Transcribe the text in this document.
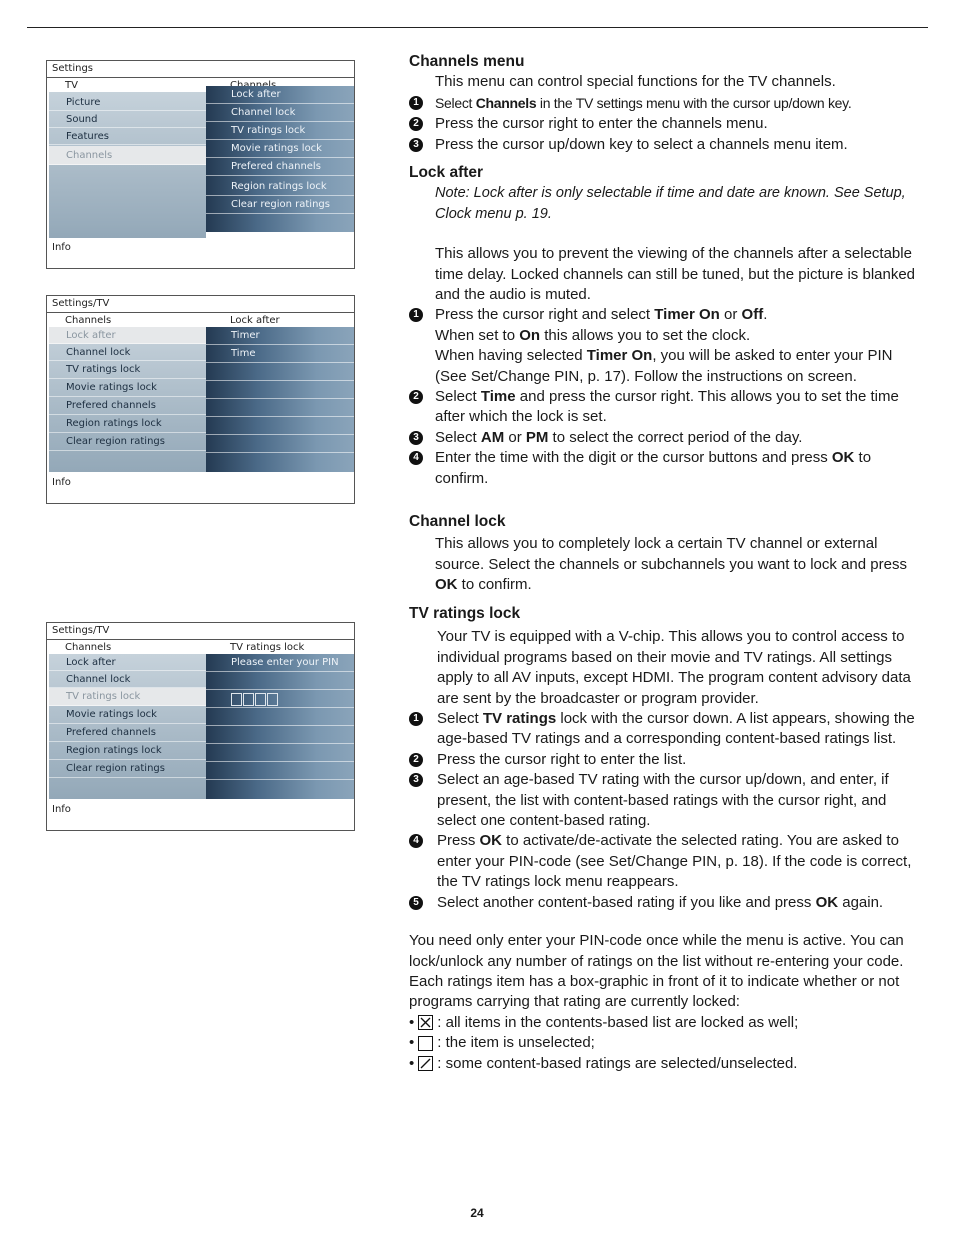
Settings
TV
Picture
Sound
Features
Channels
Lock after
Channel lock
TV ratings lock
Movie ratings lock
Prefered channels
Region ratings lock
Clear region ratings
Info
Settings/TV
Channels	Lock after
Lock after
Channel lock
TV ratings lock
Movie ratings lock
Prefered channels
Region ratings lock
Clear region ratings
Timer
Time
Info
Settings/TV
Channels	TV ratings lock
Lock after
Channel lock
TV ratings lock
Movie ratings lock
Prefered channels
Region ratings lock
Clear region ratings
Please enter your PIN
Info
Channels menu
This menu can control special functions for the TV channels.
1	Select Channels in the TV settings menu with the cursor up/down key.
2 Press the cursor right to enter the channels menu.
3 Press the cursor up/down key to select a channels menu item.
Lock after
Note: Lock after is only selectable if time and date are known. See Setup, Clock menu p. 19.
This allows you to prevent the viewing of the channels after a selectable time delay. Locked channels can still be tuned, but the picture is blanked and the audio is muted.
1 Press the cursor right and select Timer On or Off.
When set to On this allows you to set the clock.
When having selected Timer On, you will be asked to enter your PIN (See Set/Change PIN, p. 17). Follow the instructions on screen.
2 Select Time and press the cursor right. This allows you to set the time after which the lock is set.
3 Select AM or PM to select the correct period of the day.
4 Enter the time with the digit or the cursor buttons and press OK to confirm.
Channel lock
This allows you to completely lock a certain TV channel or external source. Select the channels or subchannels you want to lock and press OK to confirm.
TV ratings lock
Your TV is equipped with a V-chip. This allows you to control access to individual programs based on their movie and TV ratings. All settings apply to all AV inputs, except HDMI. The program content advisory data are sent by the broadcaster or program provider.
1 Select TV ratings lock with the cursor down. A list appears, showing the age-based TV ratings and a corresponding content-based ratings list.
2 Press the cursor right to enter the list.
3 Select an age-based TV rating with the cursor up/down, and enter, if present, the list with content-based ratings with the cursor right, and select one content-based rating.
4 Press OK to activate/de-activate the selected rating. You are asked to enter your PIN-code (see Set/Change PIN, p. 18). If the code is correct, the TV ratings lock menu reappears.
5 Select another content-based rating if you like and press OK again.
You need only enter your PIN-code once while the menu is active. You can lock/unlock any number of ratings on the list without re-entering your code.
Each ratings item has a box-graphic in front of it to indicate whether or not programs carrying that rating are currently locked:
• : all items in the contents-based list are locked as well;
• : the item is unselected;
• : some content-based ratings are selected/unselected.
24
